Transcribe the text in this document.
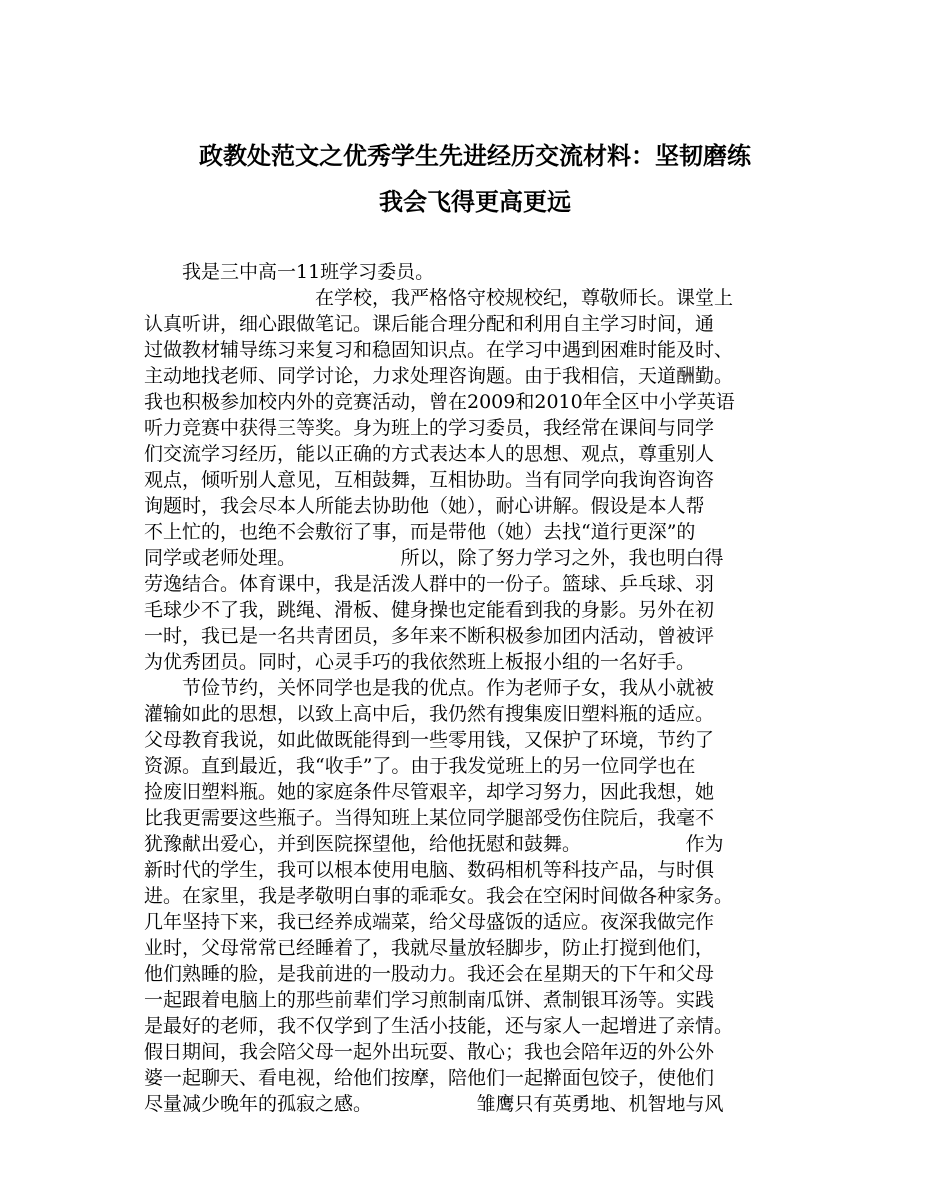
政教处范文之优秀学生先进经历交流材料：坚韧磨练
我会飞得更高更远
　　我是三中高一11班学习委员。
　　　　　　　　　在学校，我严格恪守校规校纪，尊敬师长。课堂上
认真听讲，细心跟做笔记。课后能合理分配和利用自主学习时间，通
过做教材辅导练习来复习和稳固知识点。在学习中遇到困难时能及时、
主动地找老师、同学讨论，力求处理咨询题。由于我相信，天道酬勤。
我也积极参加校内外的竞赛活动，曾在2009和2010年全区中小学英语
听力竞赛中获得三等奖。身为班上的学习委员，我经常在课间与同学
们交流学习经历，能以正确的方式表达本人的思想、观点，尊重别人
观点，倾听别人意见，互相鼓舞，互相协助。当有同学向我询咨询咨
询题时，我会尽本人所能去协助他（她），耐心讲解。假设是本人帮
不上忙的，也绝不会敷衍了事，而是带他（她）去找“道行更深”的
同学或老师处理。　　　　　　所以，除了努力学习之外，我也明白得
劳逸结合。体育课中，我是活泼人群中的一份子。篮球、乒乓球、羽
毛球少不了我，跳绳、滑板、健身操也定能看到我的身影。另外在初
一时，我已是一名共青团员，多年来不断积极参加团内活动，曾被评
为优秀团员。同时，心灵手巧的我依然班上板报小组的一名好手。
　　节俭节约，关怀同学也是我的优点。作为老师子女，我从小就被
灌输如此的思想，以致上高中后，我仍然有搜集废旧塑料瓶的适应。
父母教育我说，如此做既能得到一些零用钱，又保护了环境，节约了
资源。直到最近，我“收手”了。由于我发觉班上的另一位同学也在
捡废旧塑料瓶。她的家庭条件尽管艰辛，却学习努力，因此我想，她
比我更需要这些瓶子。当得知班上某位同学腿部受伤住院后，我毫不
犹豫献出爱心，并到医院探望他，给他抚慰和鼓舞。　　　　　　作为
新时代的学生，我可以根本使用电脑、数码相机等科技产品，与时俱
进。在家里，我是孝敬明白事的乖乖女。我会在空闲时间做各种家务。
几年坚持下来，我已经养成端菜，给父母盛饭的适应。夜深我做完作
业时，父母常常已经睡着了，我就尽量放轻脚步，防止打搅到他们，
他们熟睡的脸，是我前进的一股动力。我还会在星期天的下午和父母
一起跟着电脑上的那些前辈们学习煎制南瓜饼、煮制银耳汤等。实践
是最好的老师，我不仅学到了生活小技能，还与家人一起增进了亲情。
假日期间，我会陪父母一起外出玩耍、散心；我也会陪年迈的外公外
婆一起聊天、看电视，给他们按摩，陪他们一起擀面包饺子，使他们
尽量减少晚年的孤寂之感。　　　　　　雏鹰只有英勇地、机智地与风
